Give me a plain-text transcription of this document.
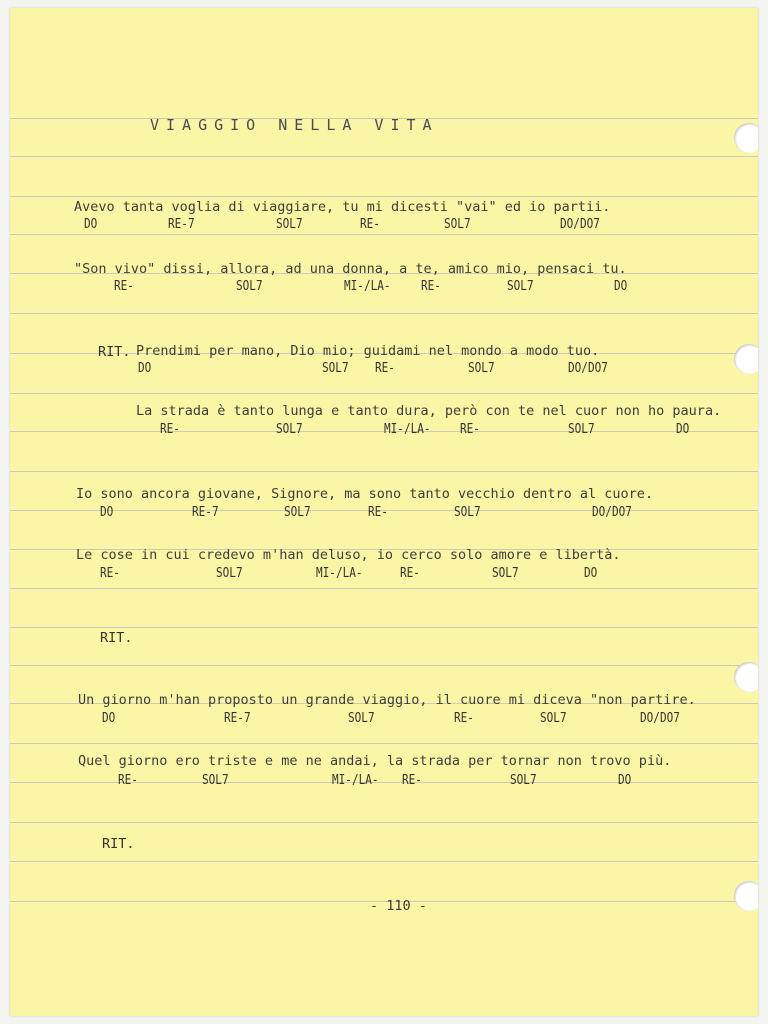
VIAGGIO NELLA VITA
Avevo tanta voglia di viaggiare, tu mi dicesti "vai" ed io partii.
DO	RE-7	SOL7	RE-	SOL7	DO/DO7
"Son vivo" dissi, allora, ad una donna, a te, amico mio, pensaci tu.
RE-	SOL7	MI-/LA- RE-	SOL7	DO
RIT. Prendimi per mano, Dio mio; guidami nel mondo a modo tuo.
DO	SOL7 RE-	SOL7	DO/DO7
La strada è tanto lunga e tanto dura, però con te nel cuor non ho paura.
RE-	SOL7	MI-/LA- RE-	SOL7	DO
Io sono ancora giovane, Signore, ma sono tanto vecchio dentro al cuore.
DO	RE-7	SOL7	RE-	SOL7	DO/DO7
Le cose in cui credevo m'han deluso, io cerco solo amore e libertà.
RE-	SOL7	MI-/LA-	RE-	SOL7	DO
RIT.
Un giorno m'han proposto un grande viaggio, il cuore mi diceva "non partire.
DO	RE-7	SOL7	RE-	SOL7	DO/DO7
Quel giorno ero triste e me ne andai, la strada per tornar non trovo più.
RE-	SOL7	MI-/LA- RE-	SOL7	DO
RIT.
- 110 -
